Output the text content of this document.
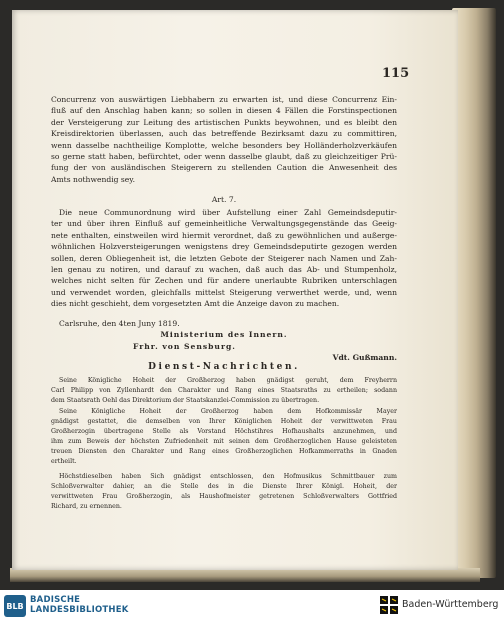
115
Concurrenz von auswärtigen Liebhabern zu erwarten ist, und diese Concurrenz Ein-
fluß auf den Anschlag haben kann; so sollen in diesen 4 Fällen die Forstinspectionen
der Versteigerung zur Leitung des artistischen Punkts beywohnen, und es bleibt den
Kreisdirektorien überlassen, auch das betreffende Bezirksamt dazu zu committiren,
wenn dasselbe nachtheilige Komplotte, welche besonders bey Holländerholzverkäufen
so gerne statt haben, befürchtet, oder wenn dasselbe glaubt, daß zu gleichzeitiger Prü-
fung der von ausländischen Steigerern zu stellenden Caution die Anwesenheit des
Amts nothwendig sey.
Art. 7.
Die neue Communordnung wird über Aufstellung einer Zahl Gemeindsdeputir-
ter und über ihren Einfluß auf gemeinheitliche Verwaltungsgegenstände das Geeig-
nete enthalten, einstweilen wird hiermit verordnet, daß zu gewöhnlichen und außerge-
wöhnlichen Holzversteigerungen wenigstens drey Gemeindsdeputirte gezogen werden
sollen, deren Obliegenheit ist, die letzten Gebote der Steigerer nach Namen und Zah-
len genau zu notiren, und darauf zu wachen, daß auch das Ab- und Stumpenholz,
welches nicht selten für Zechen und für andere unerlaubte Rubriken unterschlagen
und verwendet worden, gleichfalls mittelst Steigerung verwerthet werde, und, wenn
dies nicht geschieht, dem vorgesetzten Amt die Anzeige davon zu machen.
Carlsruhe, den 4ten Juny 1819.
Ministerium des Innern.
Frhr. von Sensburg.
Vdt. Gußmann.
Dienst-Nachrichten.
Seine Königliche Hoheit der Großherzog haben gnädigst geruht, dem Freyherrn
Carl Philipp von Zyllenhardt den Charakter und Rang eines Staatsraths zu ertheilen; sodann
dem Staatsrath Oehl das Direktorium der Staatskanzlei-Commission zu übertragen.
Seine Königliche Hoheit der Großherzog haben dem Hofkommissär Mayer
gnädigst gestattet, die demselben von Ihrer Königlichen Hoheit der verwittweten Frau
Großherzogin übertragene Stelle als Vorstand Höchstihres Hofhaushalts anzunehmen, und
ihm zum Beweis der höchsten Zufriedenheit mit seinen dem Großherzoglichen Hause geleisteten
treuen Diensten den Charakter und Rang eines Großherzoglichen Hofkammerraths in Gnaden
ertheilt.
Höchstdieselben haben Sich gnädigst entschlossen, den Hofmusikus Schmittbauer zum
Schloßverwalter dahier, an die Stelle des in die Dienste Ihrer Königl. Hoheit, der
verwittweten Frau Großherzogin, als Haushofmeister getretenen Schloßverwalters Gottfried
Richard, zu ernennen.
BLB
BADISCHE
LANDESBIBLIOTHEK	Baden-Württemberg
